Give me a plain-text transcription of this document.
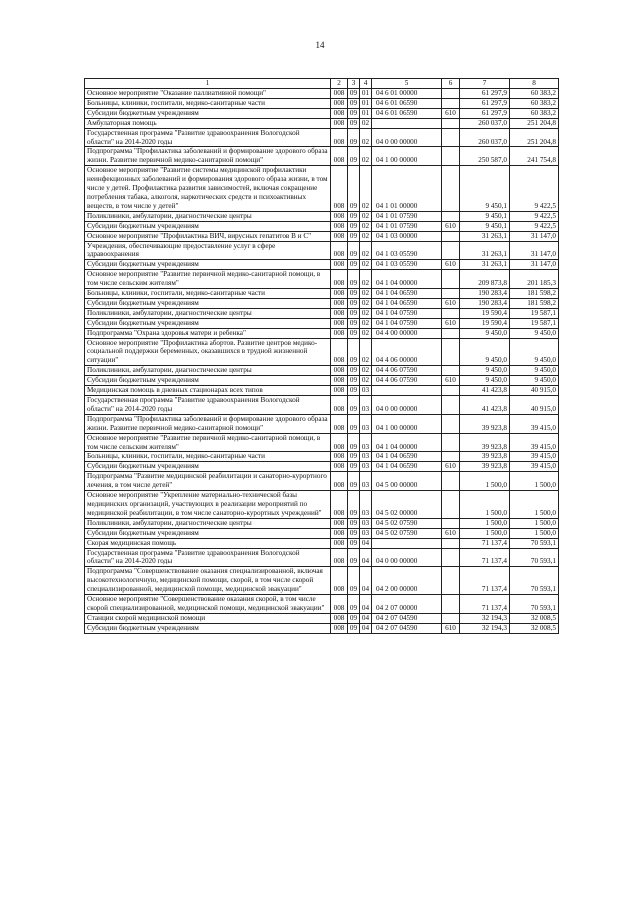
14
1	2	3	4	5	6	7	8
Основное мероприятие "Оказание паллиативной помощи"	008	09	01	04 6 01 00000		61 297,9	60 383,2
Больницы, клиники, госпитали, медико-санитарные части	008	09	01	04 6 01 06590		61 297,9	60 383,2
Субсидии бюджетным учреждениям	008	09	01	04 6 01 06590	610	61 297,9	60 383,2
Амбулаторная помощь	008	09	02			260 037,0	251 204,8
Государственная программа "Развитие здравоохранения Вологодской области" на 2014-2020 годы	008	09	02	04 0 00 00000		260 037,0	251 204,8
Подпрограмма "Профилактика заболеваний и формирование здорового образа жизни. Развитие первичной медико-санитарной помощи"	008	09	02	04 1 00 00000		250 587,0	241 754,8
Основное мероприятие "Развитие системы медицинской профилактики неинфекционных заболеваний и формирования здорового образа жизни, в том числе у детей. Профилактика развития зависимостей, включая сокращение потребления табака, алкоголя, наркотических средств и психоактивных веществ, в том числе у детей"	008	09	02	04 1 01 00000		9 450,1	9 422,5
Поликлиники, амбулатории, диагностические центры	008	09	02	04 1 01 07590		9 450,1	9 422,5
Субсидии бюджетным учреждениям	008	09	02	04 1 01 07590	610	9 450,1	9 422,5
Основное мероприятие "Профилактика ВИЧ, вирусных гепатитов В и С"	008	09	02	04 1 03 00000		31 263,1	31 147,0
Учреждения, обеспечивающие предоставление услуг в сфере здравоохранения	008	09	02	04 1 03 05590		31 263,1	31 147,0
Субсидии бюджетным учреждениям	008	09	02	04 1 03 05590	610	31 263,1	31 147,0
Основное мероприятие "Развитие первичной медико-санитарной помощи, в том числе сельским жителям"	008	09	02	04 1 04 00000		209 873,8	201 185,3
Больницы, клиники, госпитали, медико-санитарные части	008	09	02	04 1 04 06590		190 283,4	181 598,2
Субсидии бюджетным учреждениям	008	09	02	04 1 04 06590	610	190 283,4	181 598,2
Поликлиники, амбулатории, диагностические центры	008	09	02	04 1 04 07590		19 590,4	19 587,1
Субсидии бюджетным учреждениям	008	09	02	04 1 04 07590	610	19 590,4	19 587,1
Подпрограмма "Охрана здоровья матери и ребенка"	008	09	02	04 4 00 00000		9 450,0	9 450,0
Основное мероприятие "Профилактика абортов. Развитие центров медико-социальной поддержки беременных, оказавшихся в трудной жизненной ситуации"	008	09	02	04 4 06 00000		9 450,0	9 450,0
Поликлиники, амбулатории, диагностические центры	008	09	02	04 4 06 07590		9 450,0	9 450,0
Субсидии бюджетным учреждениям	008	09	02	04 4 06 07590	610	9 450,0	9 450,0
Медицинская помощь в дневных стационарах всех типов	008	09	03			41 423,8	40 915,0
Государственная программа "Развитие здравоохранения Вологодской области" на 2014-2020 годы	008	09	03	04 0 00 00000		41 423,8	40 915,0
Подпрограмма "Профилактика заболеваний и формирование здорового образа жизни. Развитие первичной медико-санитарной помощи"	008	09	03	04 1 00 00000		39 923,8	39 415,0
Основное мероприятие "Развитие первичной медико-санитарной помощи, в том числе сельским жителям"	008	09	03	04 1 04 00000		39 923,8	39 415,0
Больницы, клиники, госпитали, медико-санитарные части	008	09	03	04 1 04 06590		39 923,8	39 415,0
Субсидии бюджетным учреждениям	008	09	03	04 1 04 06590	610	39 923,8	39 415,0
Подпрограмма "Развитие медицинской реабилитации и санаторно-курортного лечения, в том числе детей"	008	09	03	04 5 00 00000		1 500,0	1 500,0
Основное мероприятие "Укрепление материально-технической базы медицинских организаций, участвующих в реализации мероприятий по медицинской реабилитации, в том числе санаторно-курортных учреждений"	008	09	03	04 5 02 00000		1 500,0	1 500,0
Поликлиники, амбулатории, диагностические центры	008	09	03	04 5 02 07590		1 500,0	1 500,0
Субсидии бюджетным учреждениям	008	09	03	04 5 02 07590	610	1 500,0	1 500,0
Скорая медицинская помощь	008	09	04			71 137,4	70 593,1
Государственная программа "Развитие здравоохранения Вологодской области" на 2014-2020 годы	008	09	04	04 0 00 00000		71 137,4	70 593,1
Подпрограмма "Совершенствование оказания специализированной, включая высокотехнологичную, медицинской помощи, скорой, в том числе скорой специализированной, медицинской помощи, медицинской эвакуации"	008	09	04	04 2 00 00000		71 137,4	70 593,1
Основное мероприятие "Совершенствование оказания скорой, в том числе скорой специализированной, медицинской помощи, медицинской эвакуации"	008	09	04	04 2 07 00000		71 137,4	70 593,1
Станции скорой медицинской помощи	008	09	04	04 2 07 04590		32 194,3	32 008,5
Субсидии бюджетным учреждениям	008	09	04	04 2 07 04590	610	32 194,3	32 008,5
